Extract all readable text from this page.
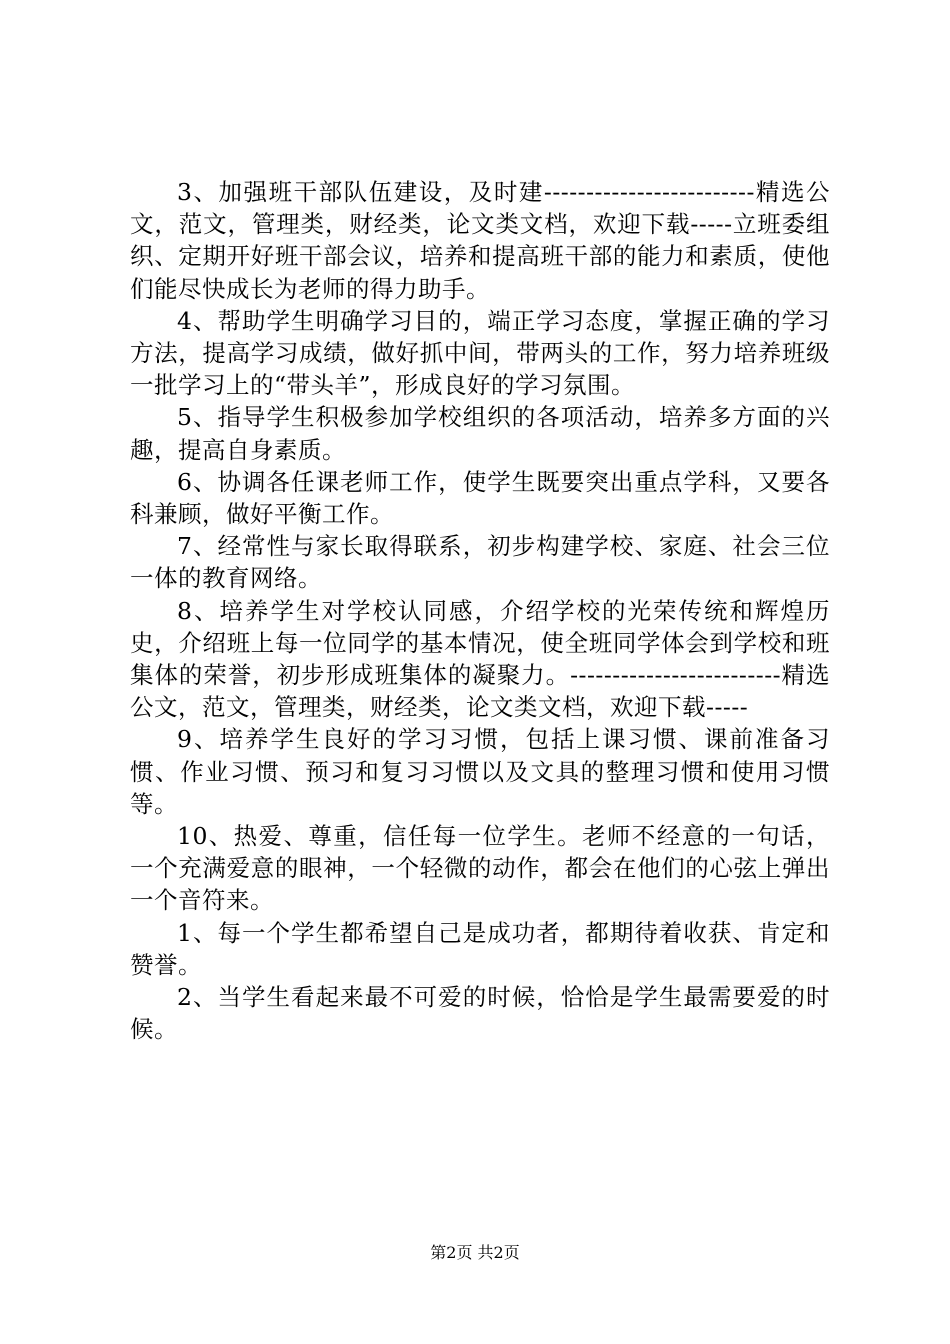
3、加强班干部队伍建设，及时建-------------------------精选公文，范文，管理类，财经类，论文类文档，欢迎下载-----立班委组织、定期开好班干部会议，培养和提高班干部的能力和素质，使他们能尽快成长为老师的得力助手。

4、帮助学生明确学习目的，端正学习态度，掌握正确的学习方法，提高学习成绩，做好抓中间，带两头的工作，努力培养班级一批学习上的“带头羊”，形成良好的学习氛围。

5、指导学生积极参加学校组织的各项活动，培养多方面的兴趣，提高自身素质。

6、协调各任课老师工作，使学生既要突出重点学科，又要各科兼顾，做好平衡工作。

7、经常性与家长取得联系，初步构建学校、家庭、社会三位一体的教育网络。

8、培养学生对学校认同感，介绍学校的光荣传统和辉煌历史，介绍班上每一位同学的基本情况，使全班同学体会到学校和班集体的荣誉，初步形成班集体的凝聚力。-------------------------精选公文，范文，管理类，财经类，论文类文档，欢迎下载-----

9、培养学生良好的学习习惯，包括上课习惯、课前准备习惯、作业习惯、预习和复习习惯以及文具的整理习惯和使用习惯等。

10、热爱、尊重，信任每一位学生。老师不经意的一句话，一个充满爱意的眼神，一个轻微的动作，都会在他们的心弦上弹出一个音符来。

1、每一个学生都希望自己是成功者，都期待着收获、肯定和赞誉。

2、当学生看起来最不可爱的时候，恰恰是学生最需要爱的时候。

第2页 共2页
